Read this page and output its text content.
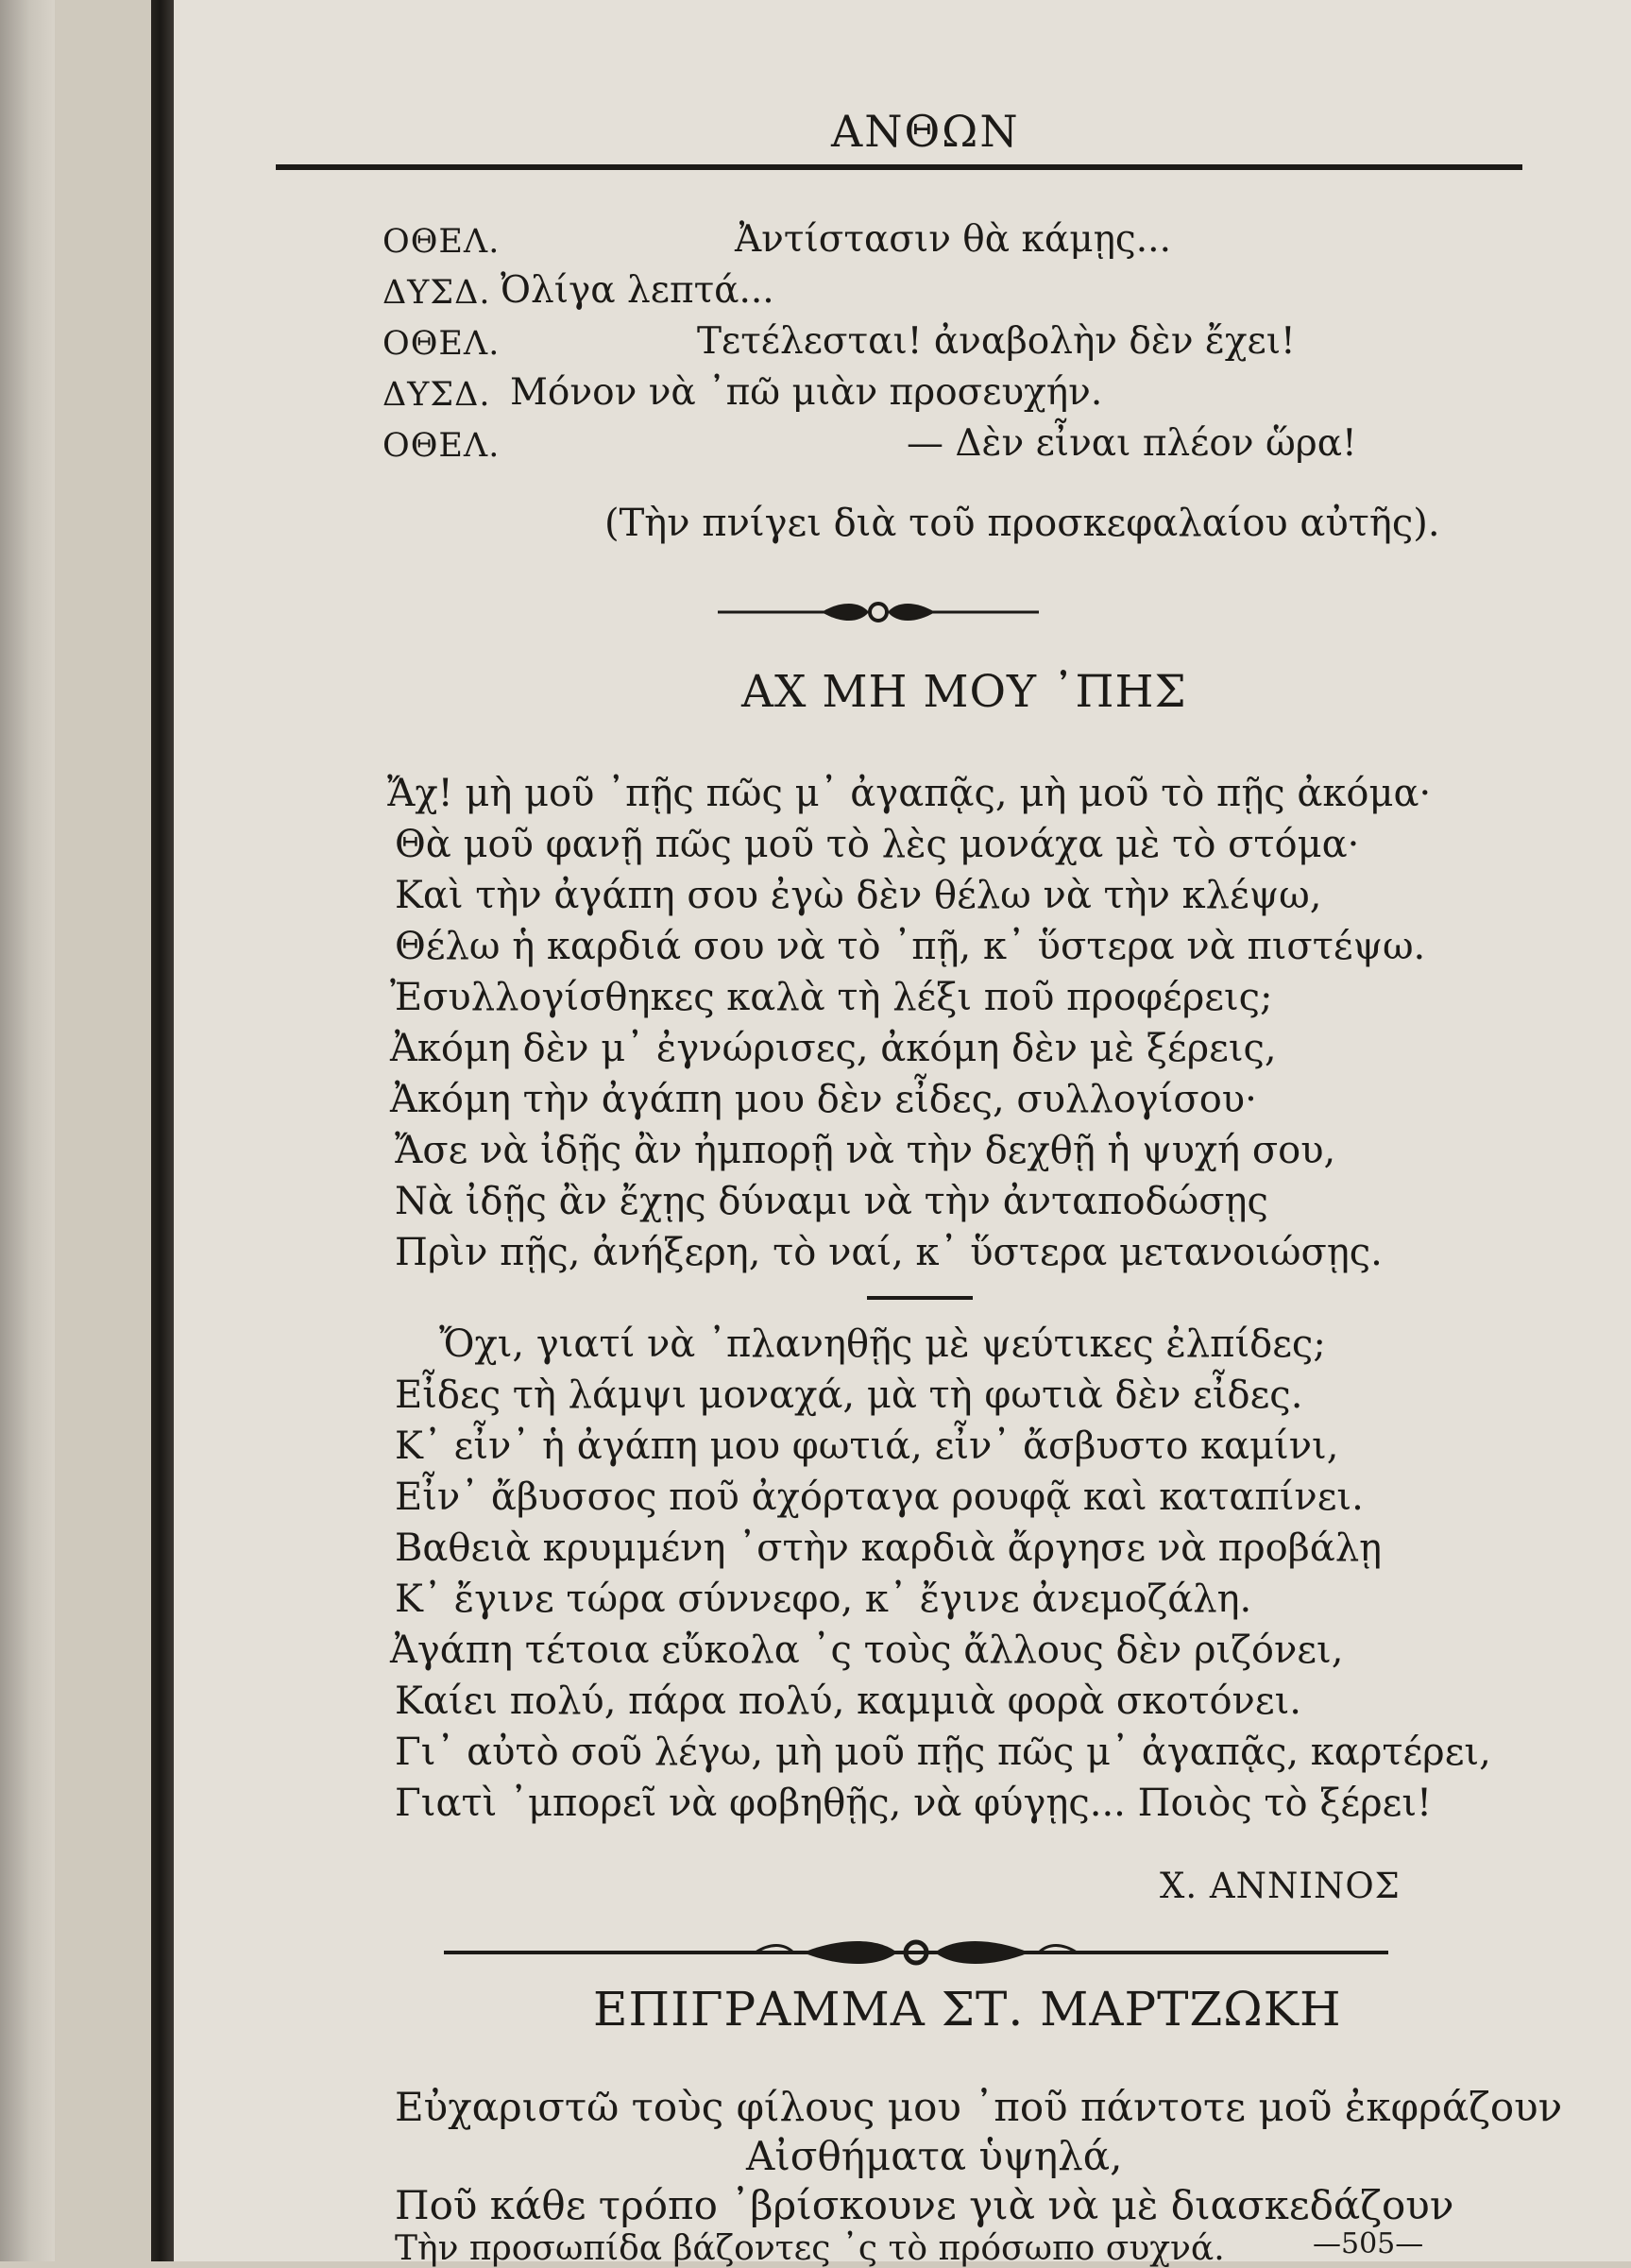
ΑΝΘΩΝ
ΟΘΕΛ.	Ἀντίστασιν θὰ κάμῃς...
ΔΥΣΔ. Ὀλίγα λεπτά...
ΟΘΕΛ.	Τετέλεσται! ἀναβολὴν δὲν ἔχει!
ΔΥΣΔ. Μόνον νὰ ᾽πῶ μιὰν προσευχήν.
ΟΘΕΛ.	— Δὲν εἶναι πλέον ὥρα!
(Τὴν πνίγει διὰ τοῦ προσκεφαλαίου αὐτῆς).
ΑΧ ΜΗ ΜΟΥ ᾽ΠΗΣ
Ἄχ! μὴ μοῦ ᾽πῇς πῶς μ᾽ ἀγαπᾷς, μὴ μοῦ τὸ πῇς ἀκόμα·
Θὰ μοῦ φανῇ πῶς μοῦ τὸ λὲς μονάχα μὲ τὸ στόμα·
Καὶ τὴν ἀγάπη σου ἐγὼ δὲν θέλω νὰ τὴν κλέψω,
Θέλω ἡ καρδιά σου νὰ τὸ ᾽πῇ, κ᾽ ὕστερα νὰ πιστέψω.
Ἐσυλλογίσθηκες καλὰ τὴ λέξι ποῦ προφέρεις;
Ἀκόμη δὲν μ᾽ ἐγνώρισες, ἀκόμη δὲν μὲ ξέρεις,
Ἀκόμη τὴν ἀγάπη μου δὲν εἶδες, συλλογίσου·
Ἄσε νὰ ἰδῇς ἂν ἠμπορῇ νὰ τὴν δεχθῇ ἡ ψυχή σου,
Νὰ ἰδῇς ἂν ἔχῃς δύναμι νὰ τὴν ἀνταποδώσῃς
Πρὶν πῇς, ἀνήξερη, τὸ ναί, κ᾽ ὕστερα μετανοιώσῃς.
Ὄχι, γιατί νὰ ᾽πλανηθῇς μὲ ψεύτικες ἐλπίδες;
Εἶδες τὴ λάμψι μοναχά, μὰ τὴ φωτιὰ δὲν εἶδες.
Κ᾽ εἶν᾽ ἡ ἀγάπη μου φωτιά, εἶν᾽ ἄσβυστο καμίνι,
Εἶν᾽ ἄβυσσος ποῦ ἀχόρταγα ρουφᾷ καὶ καταπίνει.
Βαθειὰ κρυμμένη ᾽στὴν καρδιὰ ἄργησε νὰ προβάλῃ
Κ᾽ ἔγινε τώρα σύννεφο, κ᾽ ἔγινε ἀνεμοζάλη.
Ἀγάπη τέτοια εὔκολα ᾽ς τοὺς ἄλλους δὲν ριζόνει,
Καίει πολύ, πάρα πολύ, καμμιὰ φορὰ σκοτόνει.
Γι᾽ αὐτὸ σοῦ λέγω, μὴ μοῦ πῇς πῶς μ᾽ ἀγαπᾷς, καρτέρει,
Γιατὶ ᾽μπορεῖ νὰ φοβηθῇς, νὰ φύγῃς... Ποιὸς τὸ ξέρει!
Χ. ΑΝΝΙΝΟΣ
ΕΠΙΓΡΑΜΜΑ ΣΤ. ΜΑΡΤΖΩΚΗ
Εὐχαριστῶ τοὺς φίλους μου ᾽ποῦ πάντοτε μοῦ ἐκφράζουν
Αἰσθήματα ὑψηλά,
Ποῦ κάθε τρόπο ᾽βρίσκουνε γιὰ νὰ μὲ διασκεδάζουν
Τὴν προσωπίδα βάζοντες ᾽ς τὸ πρόσωπο συχνά.	—505—
